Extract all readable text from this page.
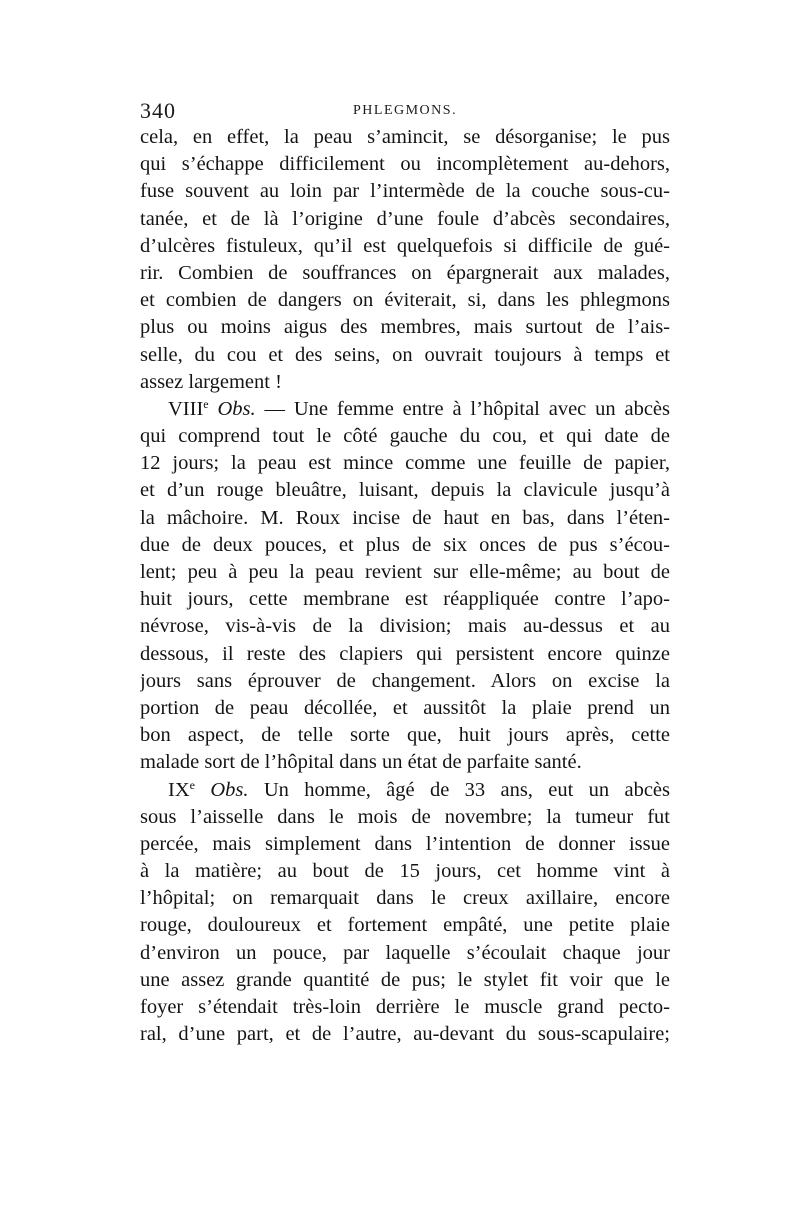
340	PHLEGMONS.
cela, en effet, la peau s’amincit, se désorganise; le pus
qui s’échappe difficilement ou incomplètement au-dehors,
fuse souvent au loin par l’intermède de la couche sous-cu-
tanée, et de là l’origine d’une foule d’abcès secondaires,
d’ulcères fistuleux, qu’il est quelquefois si difficile de gué-
rir. Combien de souffrances on épargnerait aux malades,
et combien de dangers on éviterait, si, dans les phlegmons
plus ou moins aigus des membres, mais surtout de l’ais-
selle, du cou et des seins, on ouvrait toujours à temps et
assez largement !
VIIIe Obs. — Une femme entre à l’hôpital avec un abcès
qui comprend tout le côté gauche du cou, et qui date de
12 jours; la peau est mince comme une feuille de papier,
et d’un rouge bleuâtre, luisant, depuis la clavicule jusqu’à
la mâchoire. M. Roux incise de haut en bas, dans l’éten-
due de deux pouces, et plus de six onces de pus s’écou-
lent; peu à peu la peau revient sur elle-même; au bout de
huit jours, cette membrane est réappliquée contre l’apo-
névrose, vis-à-vis de la division; mais au-dessus et au
dessous, il reste des clapiers qui persistent encore quinze
jours sans éprouver de changement. Alors on excise la
portion de peau décollée, et aussitôt la plaie prend un
bon aspect, de telle sorte que, huit jours après, cette
malade sort de l’hôpital dans un état de parfaite santé.
IXe Obs. Un homme, âgé de 33 ans, eut un abcès
sous l’aisselle dans le mois de novembre; la tumeur fut
percée, mais simplement dans l’intention de donner issue
à la matière; au bout de 15 jours, cet homme vint à
l’hôpital; on remarquait dans le creux axillaire, encore
rouge, douloureux et fortement empâté, une petite plaie
d’environ un pouce, par laquelle s’écoulait chaque jour
une assez grande quantité de pus; le stylet fit voir que le
foyer s’étendait très-loin derrière le muscle grand pecto-
ral, d’une part, et de l’autre, au-devant du sous-scapulaire;
